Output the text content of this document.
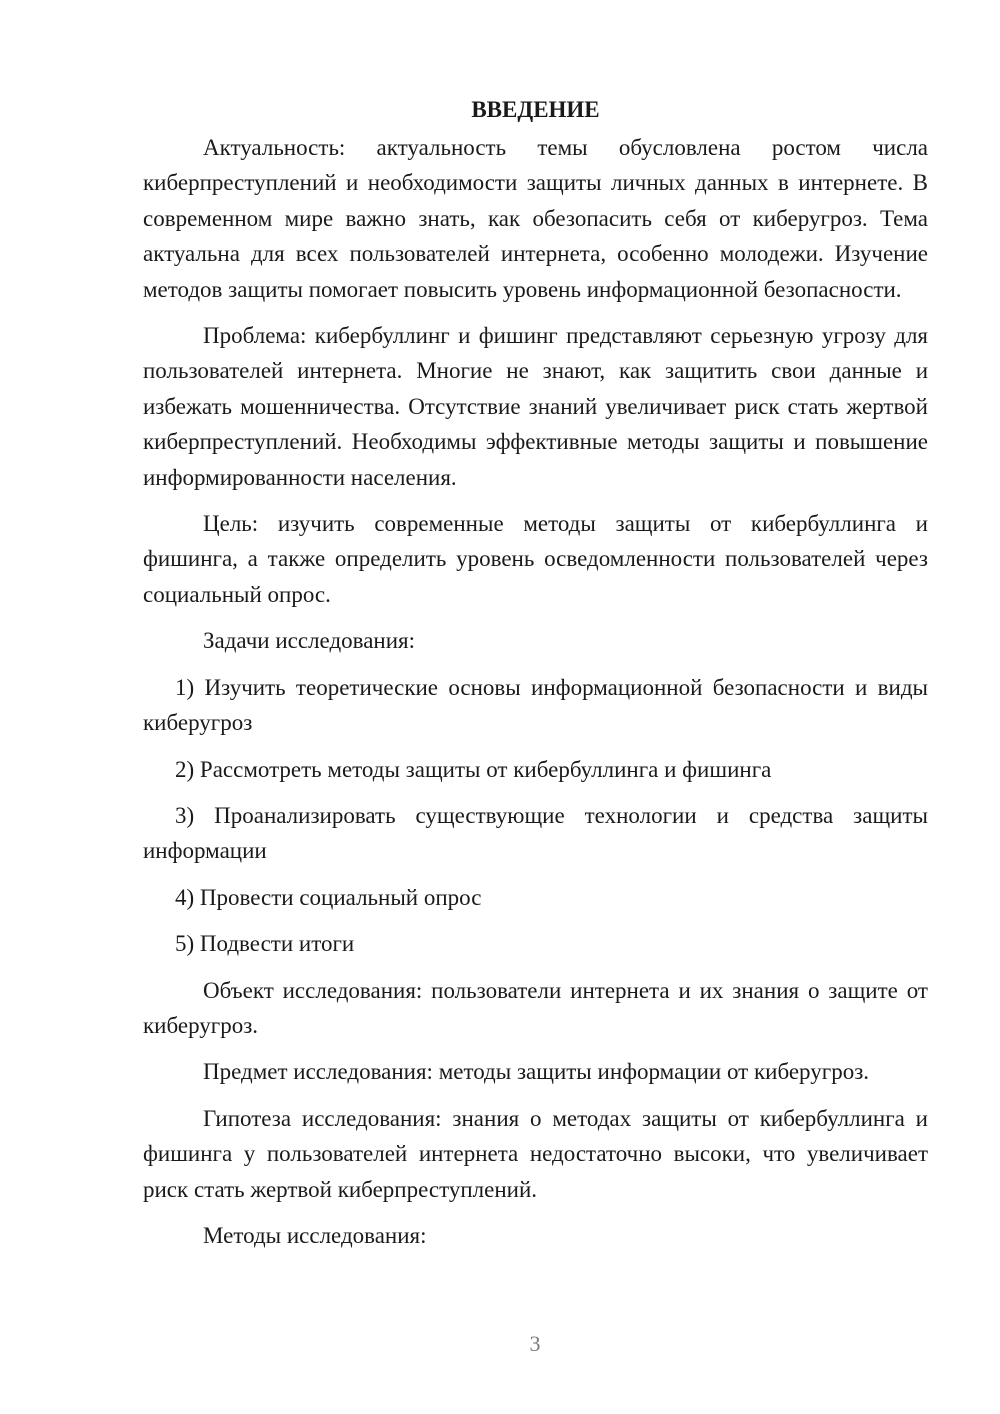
ВВЕДЕНИЕ

Актуальность: актуальность темы обусловлена ростом числа киберпреступлений и необходимости защиты личных данных в интернете. В современном мире важно знать, как обезопасить себя от киберугроз. Тема актуальна для всех пользователей интернета, особенно молодежи. Изучение методов защиты помогает повысить уровень информационной безопасности.

Проблема: кибербуллинг и фишинг представляют серьезную угрозу для пользователей интернета. Многие не знают, как защитить свои данные и избежать мошенничества. Отсутствие знаний увеличивает риск стать жертвой киберпреступлений. Необходимы эффективные методы защиты и повышение информированности населения.

Цель: изучить современные методы защиты от кибербуллинга и фишинга, а также определить уровень осведомленности пользователей через социальный опрос.

Задачи исследования:

1) Изучить теоретические основы информационной безопасности и виды киберугроз

2) Рассмотреть методы защиты от кибербуллинга и фишинга

3) Проанализировать существующие технологии и средства защиты информации

4) Провести социальный опрос

5) Подвести итоги

Объект исследования: пользователи интернета и их знания о защите от киберугроз.

Предмет исследования: методы защиты информации от киберугроз.

Гипотеза исследования: знания о методах защиты от кибербуллинга и фишинга у пользователей интернета недостаточно высоки, что увеличивает риск стать жертвой киберпреступлений.

Методы исследования:

3
